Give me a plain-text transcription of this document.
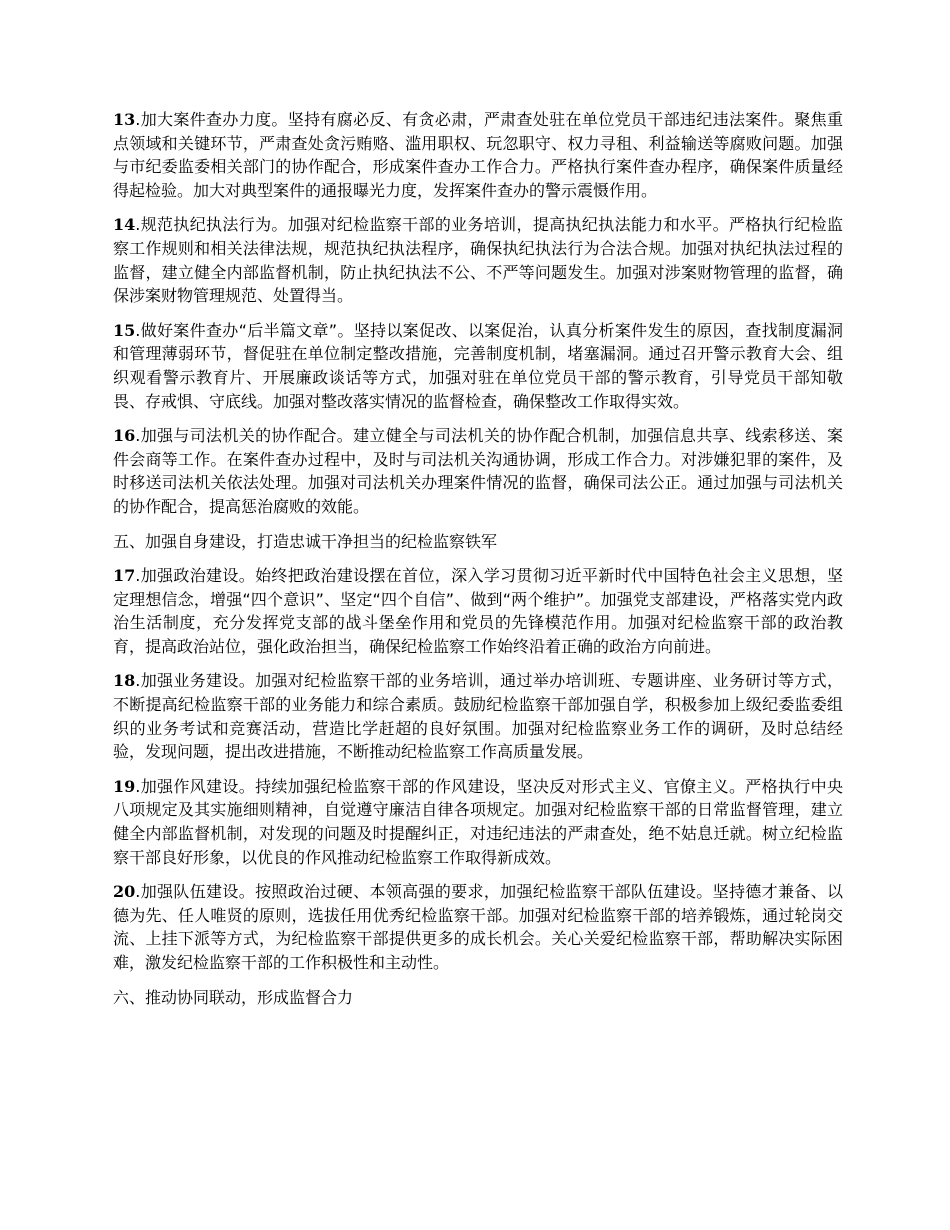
13.加大案件查办力度。坚持有腐必反、有贪必肃，严肃查处驻在单位党员干部违纪违法案件。聚焦重点领域和关键环节，严肃查处贪污贿赂、滥用职权、玩忽职守、权力寻租、利益输送等腐败问题。加强与市纪委监委相关部门的协作配合，形成案件查办工作合力。严格执行案件查办程序，确保案件质量经得起检验。加大对典型案件的通报曝光力度，发挥案件查办的警示震慑作用。

14.规范执纪执法行为。加强对纪检监察干部的业务培训，提高执纪执法能力和水平。严格执行纪检监察工作规则和相关法律法规，规范执纪执法程序，确保执纪执法行为合法合规。加强对执纪执法过程的监督，建立健全内部监督机制，防止执纪执法不公、不严等问题发生。加强对涉案财物管理的监督，确保涉案财物管理规范、处置得当。

15.做好案件查办“后半篇文章”。坚持以案促改、以案促治，认真分析案件发生的原因，查找制度漏洞和管理薄弱环节，督促驻在单位制定整改措施，完善制度机制，堵塞漏洞。通过召开警示教育大会、组织观看警示教育片、开展廉政谈话等方式，加强对驻在单位党员干部的警示教育，引导党员干部知敬畏、存戒惧、守底线。加强对整改落实情况的监督检查，确保整改工作取得实效。

16.加强与司法机关的协作配合。建立健全与司法机关的协作配合机制，加强信息共享、线索移送、案件会商等工作。在案件查办过程中，及时与司法机关沟通协调，形成工作合力。对涉嫌犯罪的案件，及时移送司法机关依法处理。加强对司法机关办理案件情况的监督，确保司法公正。通过加强与司法机关的协作配合，提高惩治腐败的效能。

五、加强自身建设，打造忠诚干净担当的纪检监察铁军

17.加强政治建设。始终把政治建设摆在首位，深入学习贯彻习近平新时代中国特色社会主义思想，坚定理想信念，增强“四个意识”、坚定“四个自信”、做到“两个维护”。加强党支部建设，严格落实党内政治生活制度，充分发挥党支部的战斗堡垒作用和党员的先锋模范作用。加强对纪检监察干部的政治教育，提高政治站位，强化政治担当，确保纪检监察工作始终沿着正确的政治方向前进。

18.加强业务建设。加强对纪检监察干部的业务培训，通过举办培训班、专题讲座、业务研讨等方式，不断提高纪检监察干部的业务能力和综合素质。鼓励纪检监察干部加强自学，积极参加上级纪委监委组织的业务考试和竞赛活动，营造比学赶超的良好氛围。加强对纪检监察业务工作的调研，及时总结经验，发现问题，提出改进措施，不断推动纪检监察工作高质量发展。

19.加强作风建设。持续加强纪检监察干部的作风建设，坚决反对形式主义、官僚主义。严格执行中央八项规定及其实施细则精神，自觉遵守廉洁自律各项规定。加强对纪检监察干部的日常监督管理，建立健全内部监督机制，对发现的问题及时提醒纠正，对违纪违法的严肃查处，绝不姑息迁就。树立纪检监察干部良好形象，以优良的作风推动纪检监察工作取得新成效。

20.加强队伍建设。按照政治过硬、本领高强的要求，加强纪检监察干部队伍建设。坚持德才兼备、以德为先、任人唯贤的原则，选拔任用优秀纪检监察干部。加强对纪检监察干部的培养锻炼，通过轮岗交流、上挂下派等方式，为纪检监察干部提供更多的成长机会。关心关爱纪检监察干部，帮助解决实际困难，激发纪检监察干部的工作积极性和主动性。

六、推动协同联动，形成监督合力
